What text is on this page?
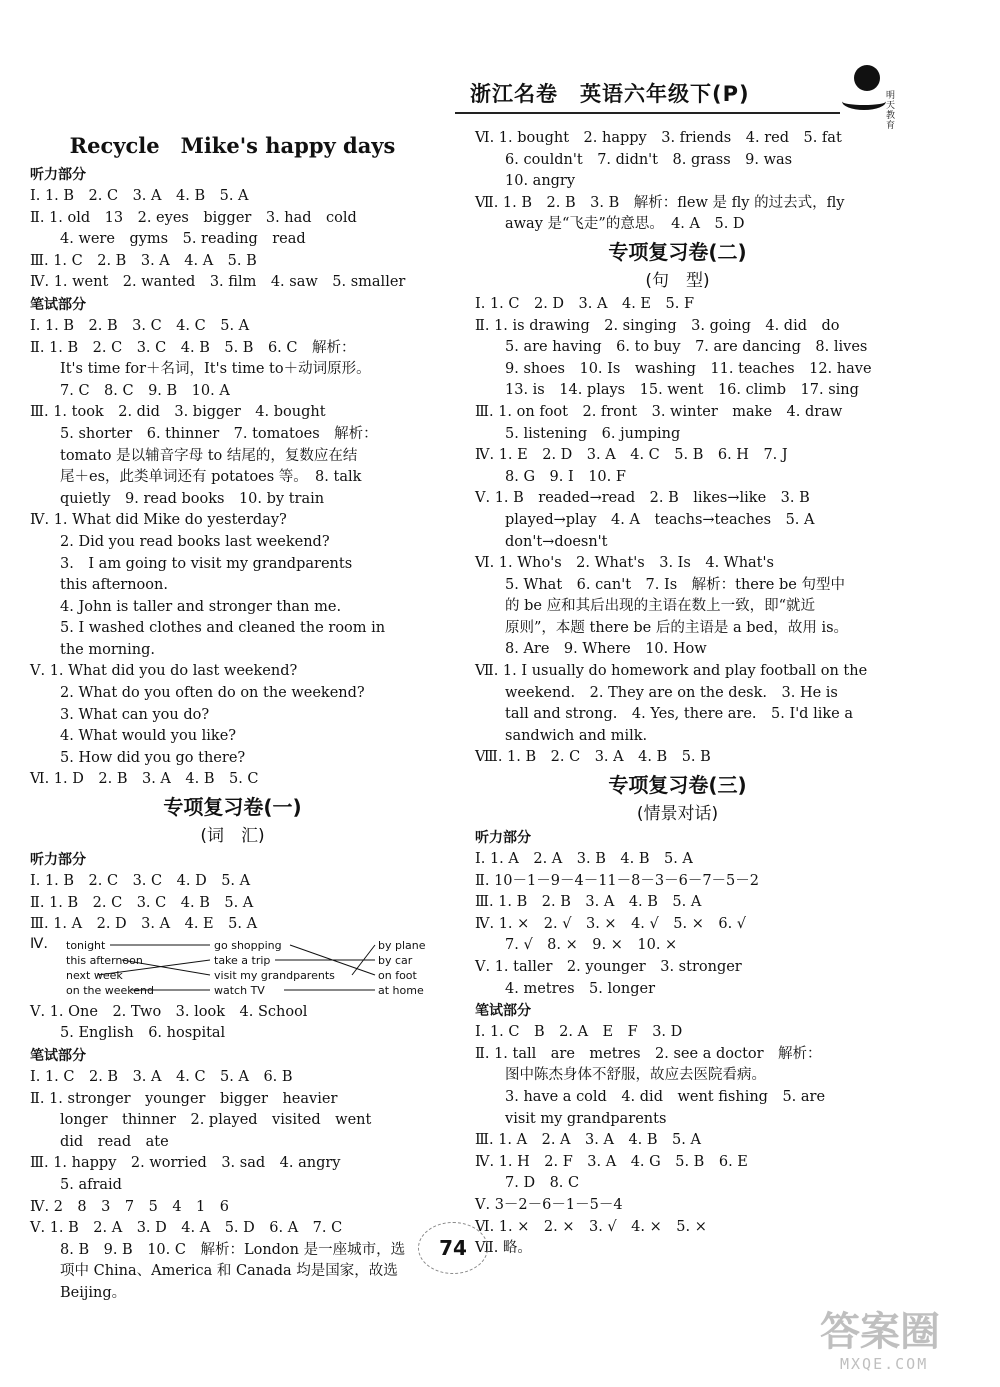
浙江名卷　英语六年级下(P)	明天教育
Recycle　Mike's happy days
听力部分
Ⅰ. 1. B　2. C　3. A　4. B　5. A
Ⅱ. 1. old　13　2. eyes　bigger　3. had　cold
4. were　gyms　5. reading　read
Ⅲ. 1. C　2. B　3. A　4. A　5. B
Ⅳ. 1. went　2. wanted　3. film　4. saw　5. smaller
笔试部分
Ⅰ. 1. B　2. B　3. C　4. C　5. A
Ⅱ. 1. B　2. C　3. C　4. B　5. B　6. C　解析：
It's time for＋名词，It's time to＋动词原形。
7. C　8. C　9. B　10. A
Ⅲ. 1. took　2. did　3. bigger　4. bought
5. shorter　6. thinner　7. tomatoes　解析：
tomato 是以辅音字母 to 结尾的，复数应在结
尾＋es，此类单词还有 potatoes 等。　8. talk
quietly　9. read books　10. by train
Ⅳ. 1. What did Mike do yesterday?
2. Did you read books last weekend?
3.　I am going to visit my grandparents
this afternoon.
4. John is taller and stronger than me.
5. I washed clothes and cleaned the room in
the morning.
Ⅴ. 1. What did you do last weekend?
2. What do you often do on the weekend?
3. What can you do?
4. What would you like?
5. How did you go there?
Ⅵ. 1. D　2. B　3. A　4. B　5. C
专项复习卷(一)
(词　汇)
听力部分
Ⅰ. 1. B　2. C　3. C　4. D　5. A
Ⅱ. 1. B　2. C　3. C　4. B　5. A
Ⅲ. 1. A　2. D　3. A　4. E　5. A
Ⅳ. tonight
this afternoon
next week
on the weekend
go shopping
take a trip
visit my grandparents
watch TV
by plane
by car
on foot
at home
Ⅴ. 1. One　2. Two　3. look　4. School
5. English　6. hospital
笔试部分
Ⅰ. 1. C　2. B　3. A　4. C　5. A　6. B
Ⅱ. 1. stronger　younger　bigger　heavier
longer　thinner　2. played　visited　went
did　read　ate
Ⅲ. 1. happy　2. worried　3. sad　4. angry
5. afraid
Ⅳ. 2　8　3　7　5　4　1　6
Ⅴ. 1. B　2. A　3. D　4. A　5. D　6. A　7. C
8. B　9. B　10. C　解析：London 是一座城市，选
项中 China、America 和 Canada 均是国家，故选
Beijing。
Ⅵ. 1. bought　2. happy　3. friends　4. red　5. fat
6. couldn't　7. didn't　8. grass　9. was
10. angry
Ⅶ. 1. B　2. B　3. B　解析：flew 是 fly 的过去式，fly
away 是“飞走”的意思。　4. A　5. D
专项复习卷(二)
(句　型)
Ⅰ. 1. C　2. D　3. A　4. E　5. F
Ⅱ. 1. is drawing　2. singing　3. going　4. did　do
5. are having　6. to buy　7. are dancing　8. lives
9. shoes　10. Is　washing　11. teaches　12. have
13. is　14. plays　15. went　16. climb　17. sing
Ⅲ. 1. on foot　2. front　3. winter　make　4. draw
5. listening　6. jumping
Ⅳ. 1. E　2. D　3. A　4. C　5. B　6. H　7. J
8. G　9. I　10. F
Ⅴ. 1. B　readed→read　2. B　likes→like　3. B
played→play　4. A　teachs→teaches　5. A
don't→doesn't
Ⅵ. 1. Who's　2. What's　3. Is　4. What's
5. What　6. can't　7. Is　解析：there be 句型中
的 be 应和其后出现的主语在数上一致，即“就近
原则”，本题 there be 后的主语是 a bed，故用 is。
8. Are　9. Where　10. How
Ⅶ. 1. I usually do homework and play football on the
weekend.　2. They are on the desk.　3. He is
tall and strong.　4. Yes, there are.　5. I'd like a
sandwich and milk.
Ⅷ. 1. B　2. C　3. A　4. B　5. B
专项复习卷(三)
(情景对话)
听力部分
Ⅰ. 1. A　2. A　3. B　4. B　5. A
Ⅱ. 10－1－9－4－11－8－3－6－7－5－2
Ⅲ. 1. B　2. B　3. A　4. B　5. A
Ⅳ. 1. ×　2. √　3. ×　4. √　5. ×　6. √
7. √　8. ×　9. ×　10. ×
Ⅴ. 1. taller　2. younger　3. stronger
4. metres　5. longer
笔试部分
Ⅰ. 1. C　B　2. A　E　F　3. D
Ⅱ. 1. tall　are　metres　2. see a doctor　解析：
图中陈杰身体不舒服，故应去医院看病。
3. have a cold　4. did　went fishing　5. are
visit my grandparents
Ⅲ. 1. A　2. A　3. A　4. B　5. A
Ⅳ. 1. H　2. F　3. A　4. G　5. B　6. E
7. D　8. C
Ⅴ. 3－2－6－1－5－4
Ⅵ. 1. ×　2. ×　3. √　4. ×　5. ×
Ⅶ. 略。
74
答案圈
MXQE.COM
